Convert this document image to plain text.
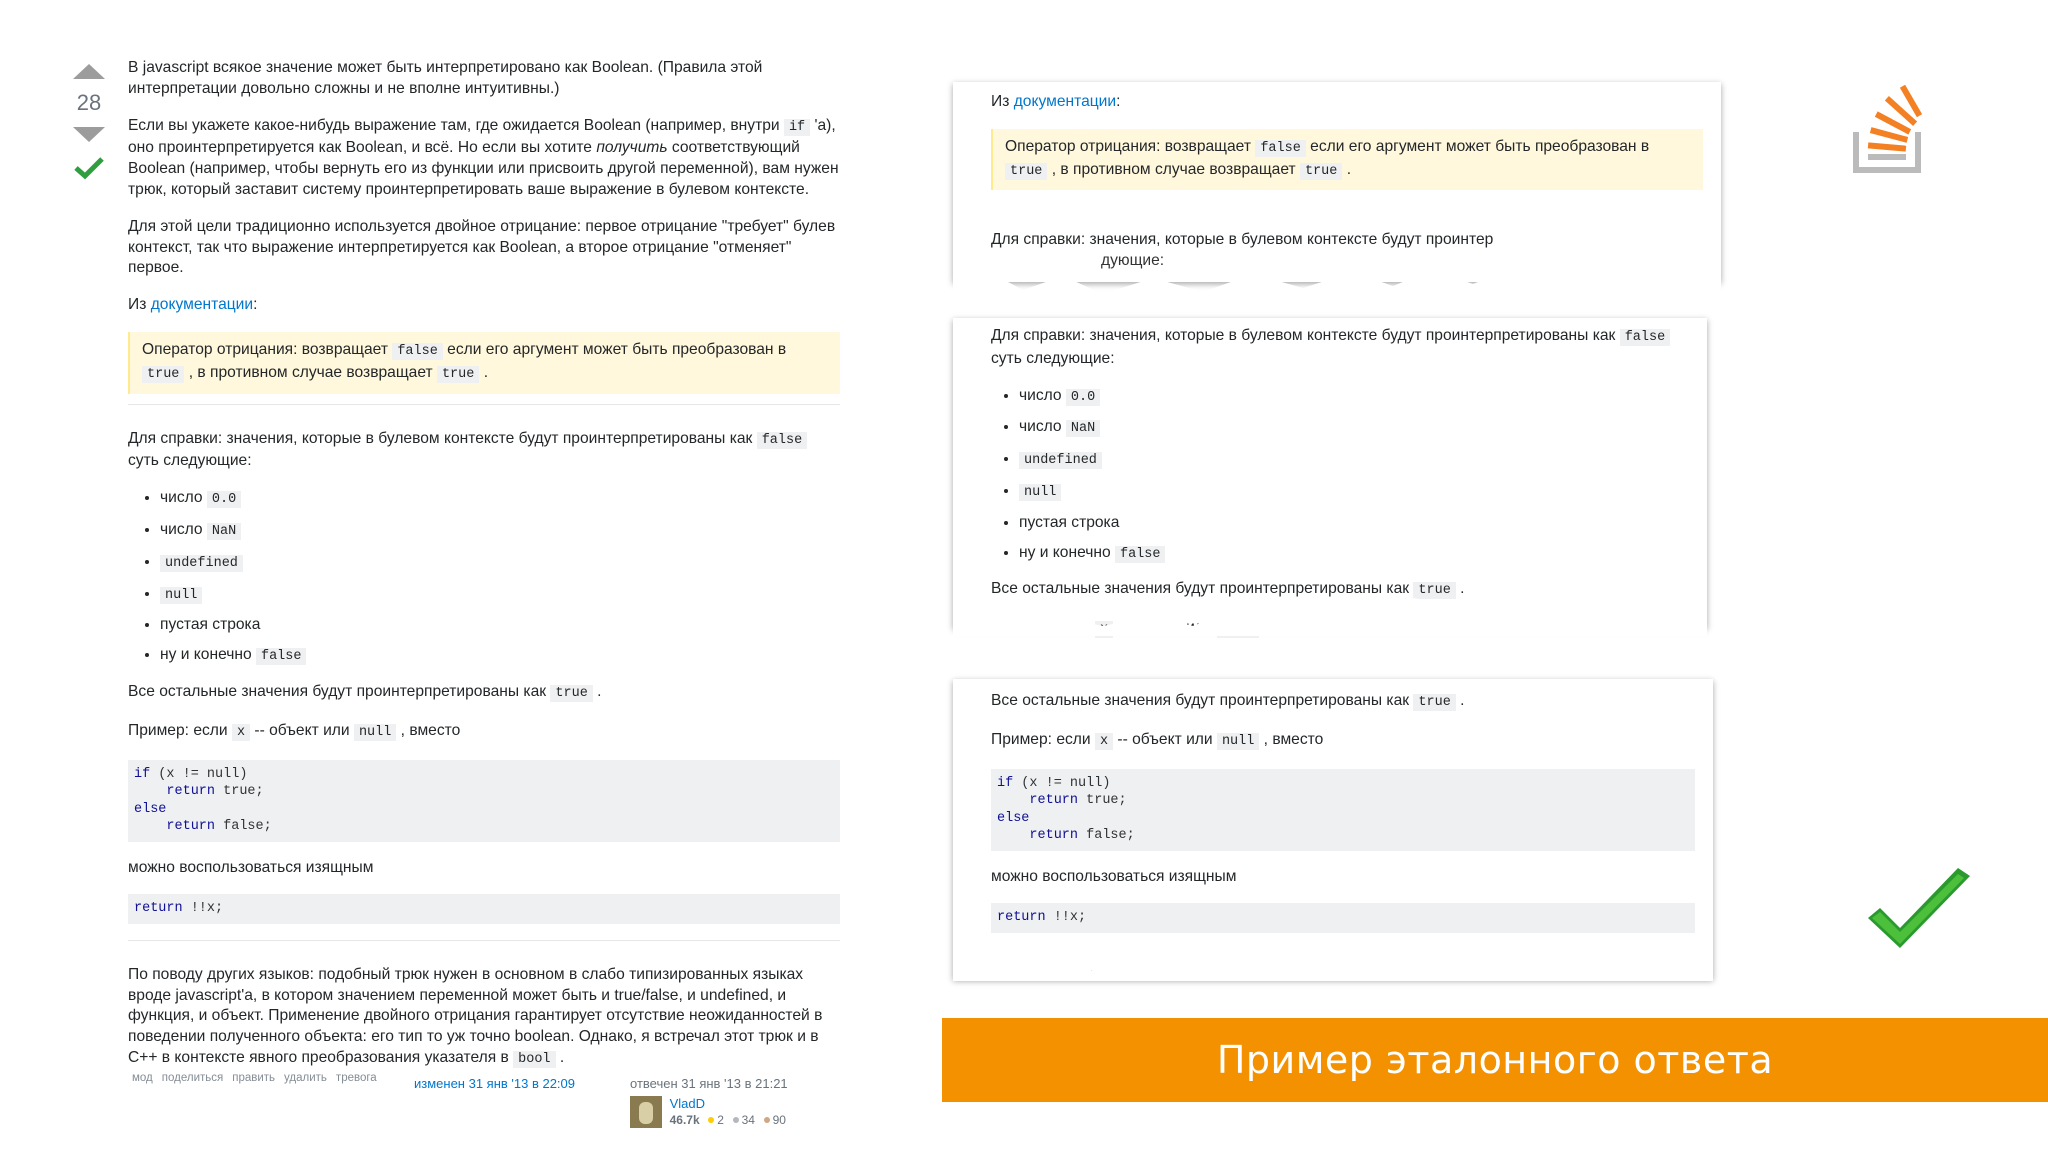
28

В javascript всякое значение может быть интерпретировано как Boolean. (Правила этой интерпретации довольно сложны и не вполне интуитивны.)

Если вы укажете какое-нибудь выражение там, где ожидается Boolean (например, внутри if 'a), оно проинтерпретируется как Boolean, и всё. Но если вы хотите получить соответствующий Boolean (например, чтобы вернуть его из функции или присвоить другой переменной), вам нужен трюк, который заставит систему проинтерпретировать ваше выражение в булевом контексте.

Для этой цели традиционно используется двойное отрицание: первое отрицание "требует" булев контекст, так что выражение интерпретируется как Boolean, а второе отрицание "отменяет" первое.

Из документации:

Оператор отрицания: возвращает false если его аргумент может быть преобразован в true , в противном случае возвращает true .

Для справки: значения, которые в булевом контексте будут проинтерпретированы как false суть следующие:

• число 0.0
• число NaN
• undefined
• null
• пустая строка
• ну и конечно false

Все остальные значения будут проинтерпретированы как true .

Пример: если x -- объект или null , вместо

if (x != null)
return true;
else
return false;

можно воспользоваться изящным

return !!x;

По поводу других языков: подобный трюк нужен в основном в слабо типизированных языках вроде javascript'а, в котором значением переменной может быть и true/false, и undefined, и функция, и объект. Применение двойного отрицания гарантирует отсутствие неожиданностей в поведении полученного объекта: его тип то уж точно boolean. Однако, я встречал этот трюк и в C++ в контексте явного преобразования указателя в bool .

мод поделиться править удалить тревога	изменен 31 янв '13 в 22:09	отвечен 31 янв '13 в 21:21
VladD
46.7k 2 34 90

Из документации:

Оператор отрицания: возвращает false если его аргумент может быть преобразован в true , в противном случае возвращает true .
Для справки: значения, которые в булевом контексте будут проинтер
дующие:

Для справки: значения, которые в булевом контексте будут проинтерпретированы как false суть следующие:

• число 0.0
• число NaN
• undefined
• null
• пустая строка
• ну и конечно false

Все остальные значения будут проинтерпретированы как true .

Все остальные значения будут проинтерпретированы как true .

Пример: если x -- объект или null , вместо

if (x != null)
return true;
else
return false;

можно воспользоваться изящным

return !!x;
Пример эталонного ответа
